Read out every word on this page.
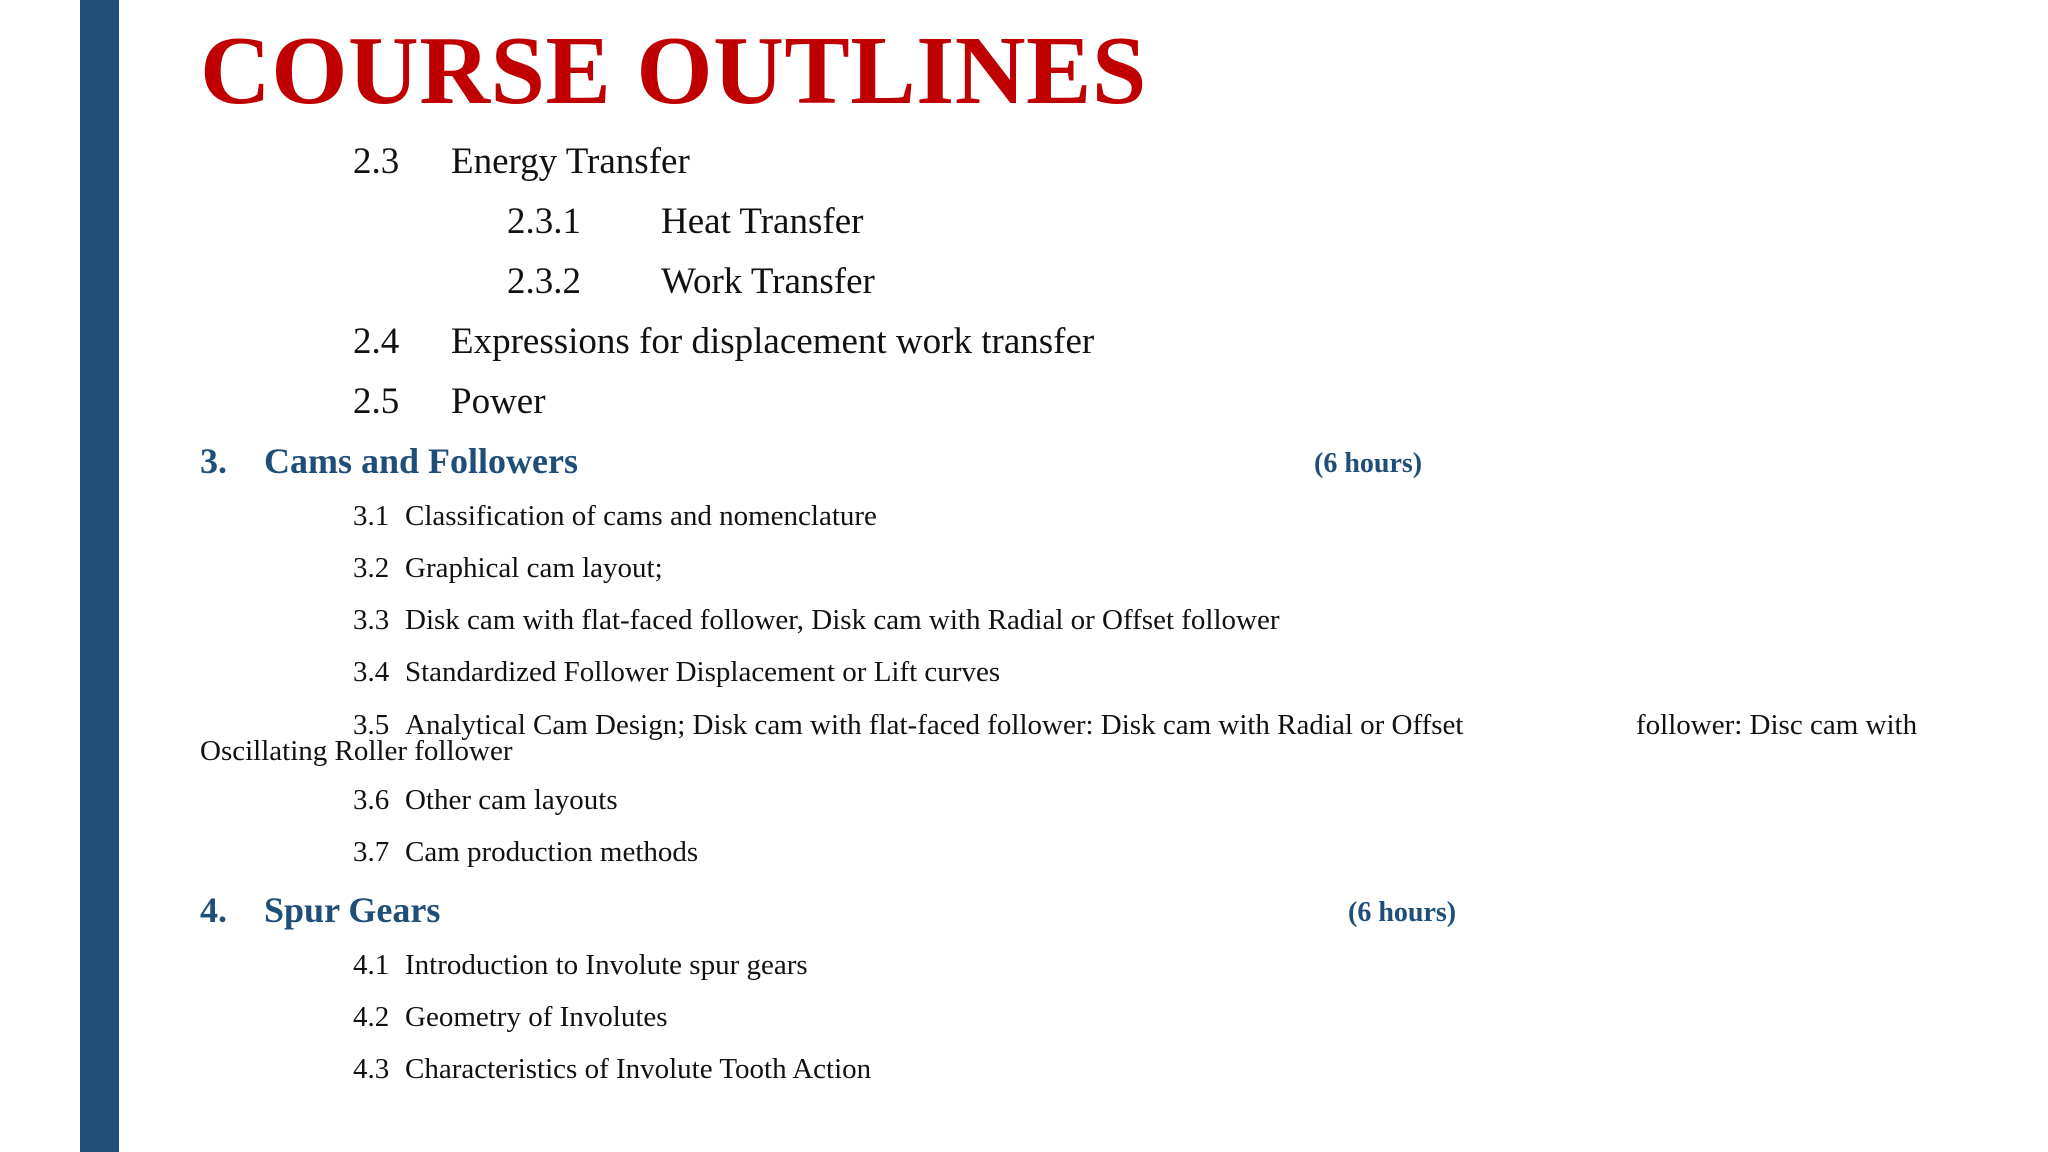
COURSE OUTLINES
2.3 Energy Transfer
2.3.1 Heat Transfer
2.3.2 Work Transfer
2.4 Expressions for displacement work transfer
2.5 Power
3. Cams and Followers	(6 hours)
3.1 Classification of cams and nomenclature
3.2 Graphical cam layout;
3.3 Disk cam with flat-faced follower, Disk cam with Radial or Offset follower
3.4 Standardized Follower Displacement or Lift curves
3.5 Analytical Cam Design; Disk cam with flat-faced follower: Disk cam with Radial or Offset	follower: Disc cam with
Oscillating Roller follower
3.6 Other cam layouts
3.7 Cam production methods
4. Spur Gears	(6 hours)
4.1 Introduction to Involute spur gears
4.2 Geometry of Involutes
4.3 Characteristics of Involute Tooth Action
